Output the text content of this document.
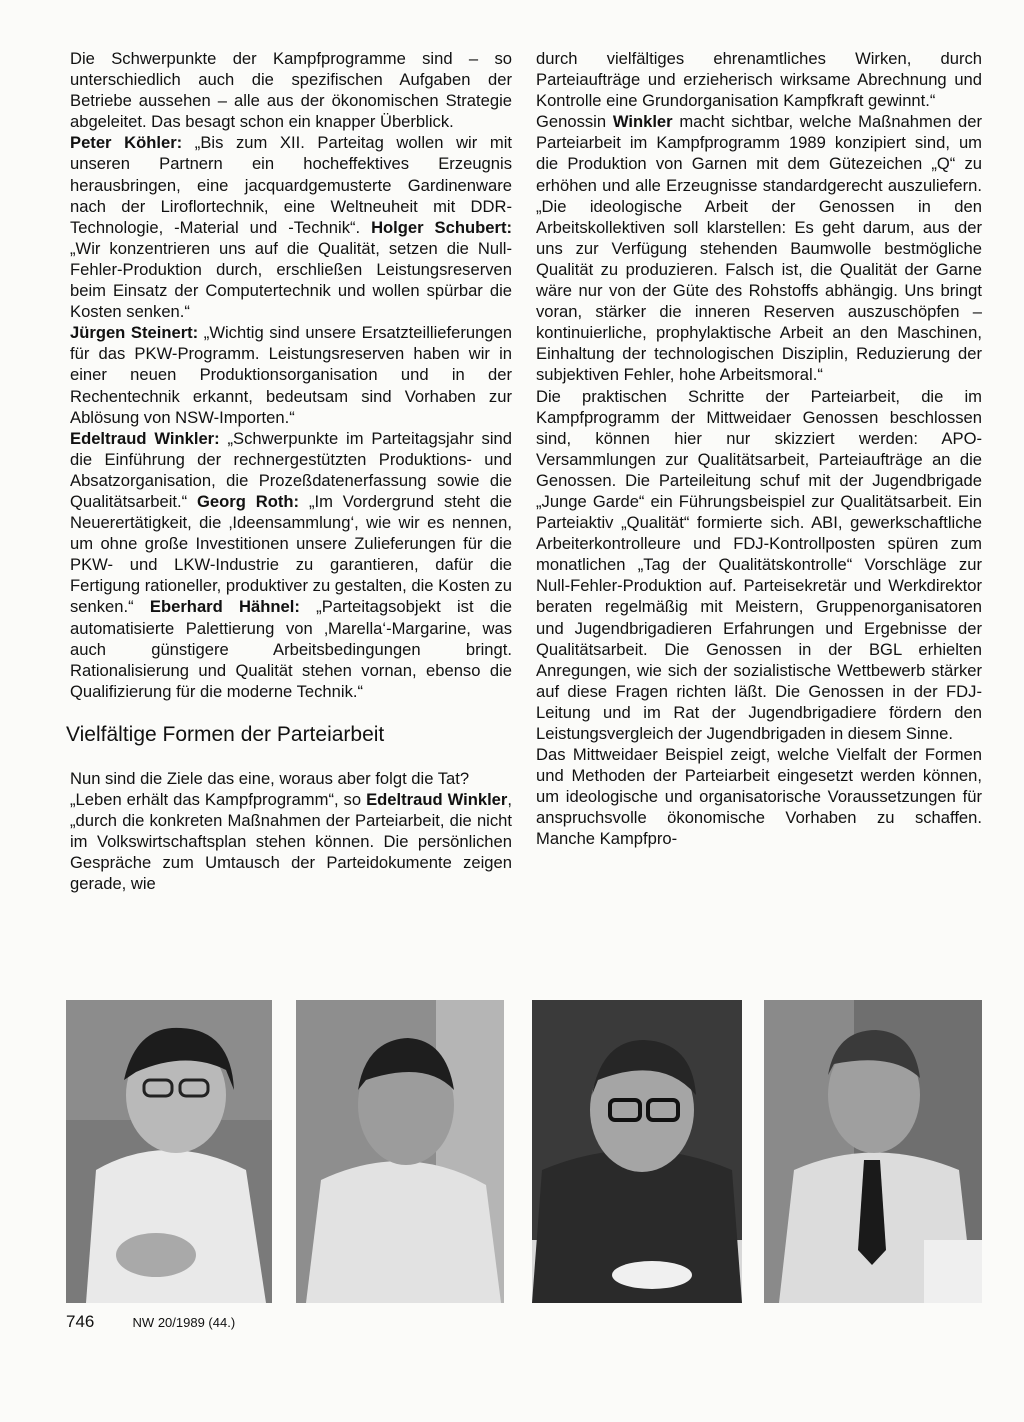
Die Schwerpunkte der Kampfprogramme sind – so unterschiedlich auch die spezifischen Aufgaben der Betriebe aussehen – alle aus der ökonomischen Strategie abgeleitet. Das besagt schon ein knapper Überblick.

Peter Köhler: „Bis zum XII. Parteitag wollen wir mit unseren Partnern ein hocheffektives Erzeugnis herausbringen, eine jacquardgemusterte Gardinenware nach der Liroflortechnik, eine Weltneuheit mit DDR-Technologie, -Material und -Technik“. Holger Schubert: „Wir konzentrieren uns auf die Qualität, setzen die Null-Fehler-Produktion durch, erschließen Leistungsreserven beim Einsatz der Computertechnik und wollen spürbar die Kosten senken.“

Jürgen Steinert: „Wichtig sind unsere Ersatzteillieferungen für das PKW-Programm. Leistungsreserven haben wir in einer neuen Produktionsorganisation und in der Rechentechnik erkannt, bedeutsam sind Vorhaben zur Ablösung von NSW-Importen.“

Edeltraud Winkler: „Schwerpunkte im Parteitagsjahr sind die Einführung der rechnergestützten Produktions- und Absatzorganisation, die Prozeßdatenerfassung sowie die Qualitätsarbeit.“ Georg Roth: „Im Vordergrund steht die Neuerertätigkeit, die ‚Ideensammlung‘, wie wir es nennen, um ohne große Investitionen unsere Zulieferungen für die PKW- und LKW-Industrie zu garantieren, dafür die Fertigung rationeller, produktiver zu gestalten, die Kosten zu senken.“ Eberhard Hähnel: „Parteitagsobjekt ist die automatisierte Palettierung von ‚Marella‘-Margarine, was auch günstigere Arbeitsbedingungen bringt. Rationalisierung und Qualität stehen vornan, ebenso die Qualifizierung für die moderne Technik.“

Vielfältige Formen der Parteiarbeit

Nun sind die Ziele das eine, woraus aber folgt die Tat?

„Leben erhält das Kampfprogramm“, so Edeltraud Winkler, „durch die konkreten Maßnahmen der Parteiarbeit, die nicht im Volkswirtschaftsplan stehen können. Die persönlichen Gespräche zum Umtausch der Parteidokumente zeigen gerade, wie

durch vielfältiges ehrenamtliches Wirken, durch Parteiaufträge und erzieherisch wirksame Abrechnung und Kontrolle eine Grundorganisation Kampfkraft gewinnt.“

Genossin Winkler macht sichtbar, welche Maßnahmen der Parteiarbeit im Kampfprogramm 1989 konzipiert sind, um die Produktion von Garnen mit dem Gütezeichen „Q“ zu erhöhen und alle Erzeugnisse standardgerecht auszuliefern. „Die ideologische Arbeit der Genossen in den Arbeitskollektiven soll klarstellen: Es geht darum, aus der uns zur Verfügung stehenden Baumwolle bestmögliche Qualität zu produzieren. Falsch ist, die Qualität der Garne wäre nur von der Güte des Rohstoffs abhängig. Uns bringt voran, stärker die inneren Reserven auszuschöpfen – kontinuierliche, prophylaktische Arbeit an den Maschinen, Einhaltung der technologischen Disziplin, Reduzierung der subjektiven Fehler, hohe Arbeitsmoral.“

Die praktischen Schritte der Parteiarbeit, die im Kampfprogramm der Mittweidaer Genossen beschlossen sind, können hier nur skizziert werden: APO-Versammlungen zur Qualitätsarbeit, Parteiaufträge an die Genossen. Die Parteileitung schuf mit der Jugendbrigade „Junge Garde“ ein Führungsbeispiel zur Qualitätsarbeit. Ein Parteiaktiv „Qualität“ formierte sich. ABI, gewerkschaftliche Arbeiterkontrolleure und FDJ-Kontrollposten spüren zum monatlichen „Tag der Qualitätskontrolle“ Vorschläge zur Null-Fehler-Produktion auf. Parteisekretär und Werkdirektor beraten regelmäßig mit Meistern, Gruppenorganisatoren und Jugendbrigadieren Erfahrungen und Ergebnisse der Qualitätsarbeit. Die Genossen in der BGL erhielten Anregungen, wie sich der sozialistische Wettbewerb stärker auf diese Fragen richten läßt. Die Genossen in der FDJ-Leitung und im Rat der Jugendbrigadiere fördern den Leistungsvergleich der Jugendbrigaden in diesem Sinne.

Das Mittweidaer Beispiel zeigt, welche Vielfalt der Formen und Methoden der Parteiarbeit eingesetzt werden können, um ideologische und organisatorische Voraussetzungen für anspruchsvolle ökonomische Vorhaben zu schaffen. Manche Kampfpro-

746	NW 20/1989 (44.)
